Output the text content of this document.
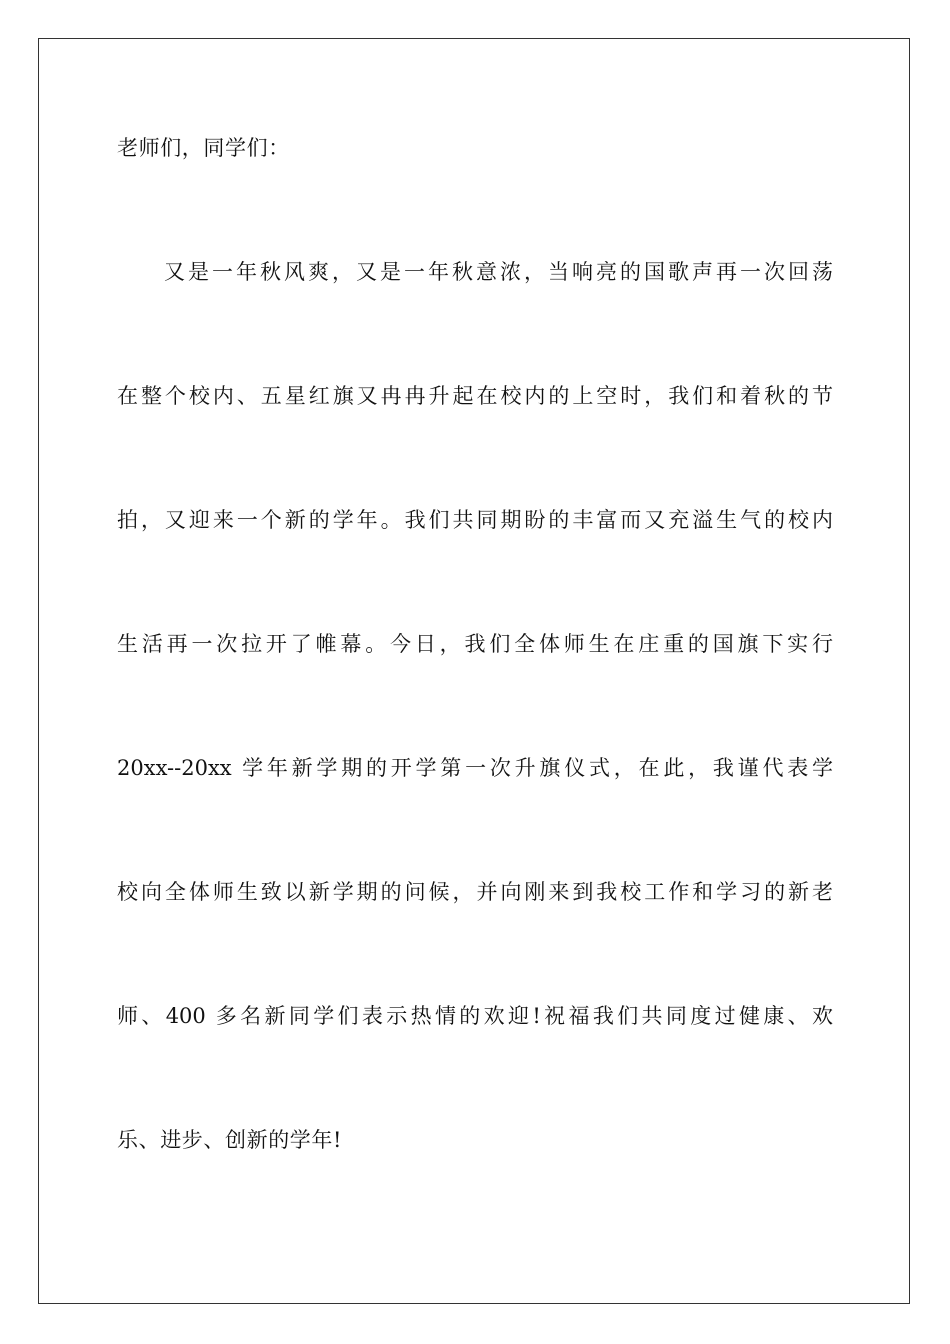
老师们，同学们：
又是一年秋风爽，又是一年秋意浓，当响亮的国歌声再一次回荡
在整个校内、五星红旗又冉冉升起在校内的上空时，我们和着秋的节
拍，又迎来一个新的学年。我们共同期盼的丰富而又充溢生气的校内
生活再一次拉开了帷幕。今日，我们全体师生在庄重的国旗下实行
20xx--20xx 学年新学期的开学第一次升旗仪式，在此，我谨代表学
校向全体师生致以新学期的问候，并向刚来到我校工作和学习的新老
师、400 多名新同学们表示热情的欢迎!祝福我们共同度过健康、欢
乐、进步、创新的学年!
